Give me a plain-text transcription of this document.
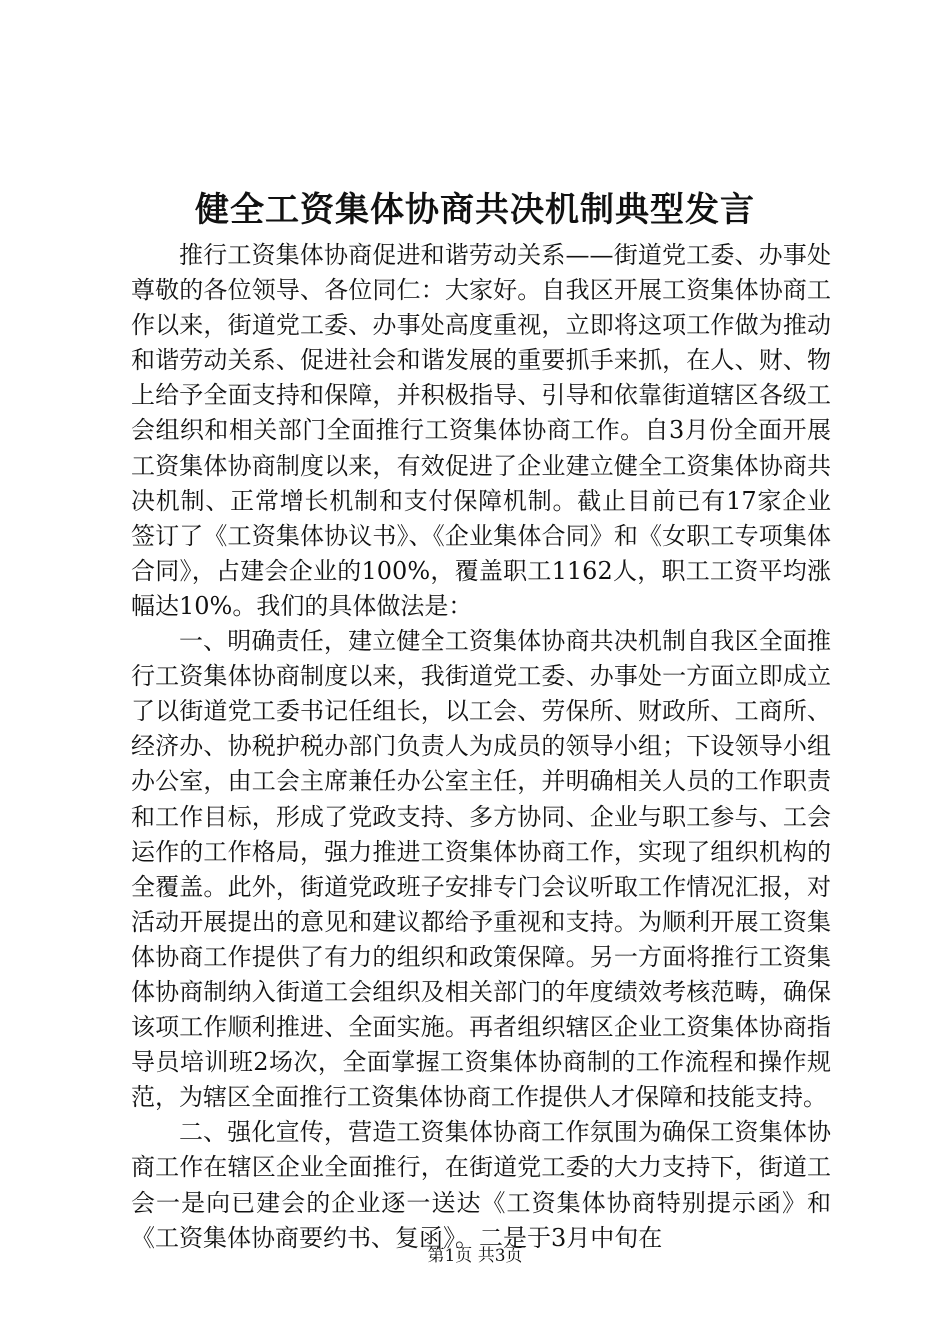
健全工资集体协商共决机制典型发言

推行工资集体协商促进和谐劳动关系——街道党工委、办事处尊敬的各位领导、各位同仁：大家好。自我区开展工资集体协商工作以来，街道党工委、办事处高度重视，立即将这项工作做为推动和谐劳动关系、促进社会和谐发展的重要抓手来抓，在人、财、物上给予全面支持和保障，并积极指导、引导和依靠街道辖区各级工会组织和相关部门全面推行工资集体协商工作。自3月份全面开展工资集体协商制度以来，有效促进了企业建立健全工资集体协商共决机制、正常增长机制和支付保障机制。截止目前已有17家企业签订了《工资集体协议书》、《企业集体合同》和《女职工专项集体合同》，占建会企业的100%，覆盖职工1162人，职工工资平均涨幅达10%。我们的具体做法是：

一、明确责任，建立健全工资集体协商共决机制自我区全面推行工资集体协商制度以来，我街道党工委、办事处一方面立即成立了以街道党工委书记任组长，以工会、劳保所、财政所、工商所、经济办、协税护税办部门负责人为成员的领导小组；下设领导小组办公室，由工会主席兼任办公室主任，并明确相关人员的工作职责和工作目标，形成了党政支持、多方协同、企业与职工参与、工会运作的工作格局，强力推进工资集体协商工作，实现了组织机构的全覆盖。此外，街道党政班子安排专门会议听取工作情况汇报，对活动开展提出的意见和建议都给予重视和支持。为顺利开展工资集体协商工作提供了有力的组织和政策保障。另一方面将推行工资集体协商制纳入街道工会组织及相关部门的年度绩效考核范畴，确保该项工作顺利推进、全面实施。再者组织辖区企业工资集体协商指导员培训班2场次，全面掌握工资集体协商制的工作流程和操作规范，为辖区全面推行工资集体协商工作提供人才保障和技能支持。

二、强化宣传，营造工资集体协商工作氛围为确保工资集体协商工作在辖区企业全面推行，在街道党工委的大力支持下，街道工会一是向已建会的企业逐一送达《工资集体协商特别提示函》和《工资集体协商要约书、复函》。二是于3月中旬在

第1页 共3页
